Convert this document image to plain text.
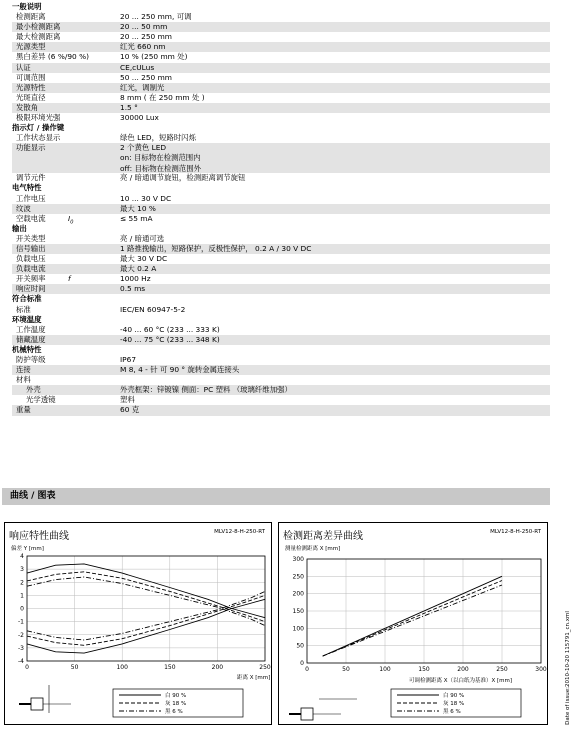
一般说明
检测距离	20 ... 250 mm, 可调
最小检测距离	20 ... 50 mm
最大检测距离	20 ... 250 mm
光源类型	红光 660 nm
黑白差异 (6 %/90 %)	10 % (250 mm 处)
认证	CE,cULus
可调范围	50 ... 250 mm
光源特性	红光，调制光
光斑直径	8 mm ( 在 250 mm 处 )
发散角	1.5 °
极限环境光强	30000 Lux
指示灯 / 操作键
工作状态显示	绿色 LED，短路时闪烁
功能显示	2 个黄色 LED
on: 目标物在检测范围内
off: 目标物在检测范围外
调节元件	亮 / 暗通调节旋钮，检测距离调节旋钮
电气特性
工作电压	10 ... 30 V DC
纹波	最大 10 %
空载电流	$I_0$	≤ 55 mA
输出
开关类型	亮 / 暗通可选
信号输出	1 路推挽输出，短路保护，反极性保护， 0.2 A / 30 V DC
负载电压	最大 30 V DC
负载电流	最大 0.2 A
开关频率	f	1000 Hz
响应时间	0.5 ms
符合标准
标准	IEC/EN 60947-5-2
环境温度
工作温度	-40 ... 60 °C (233 ... 333 K)
储藏温度	-40 ... 75 °C (233 ... 348 K)
机械特性
防护等级	IP67
连接	M 8, 4 - 针 可 90 ° 旋转金属连接头
材料
外壳	外壳框架：锌镀镍 侧面：PC 塑料 （玻璃纤维加强）
光学透镜	塑料
重量	60 克
曲线 / 图表
0	50	100	150	200	250
4
3
2
1
0
-1
-2
-3
-4
白 90 %
灰 18 %
黑 6 %
响应特性曲线	MLV12-8-H-250-RT
偏差 Y [mm]
距离 X [mm]
0	50	100	150	200	250	300
300
250
200
150
100
50
0
白 90 %
灰 18 %
黑 6 %
检测距离差异曲线	MLV12-8-H-250-RT
测量检测距离 X [mm]
可调检测距离 X（以白纸为基准）X [mm]	Date of issue:2010-10-20 115791_cn.xml
